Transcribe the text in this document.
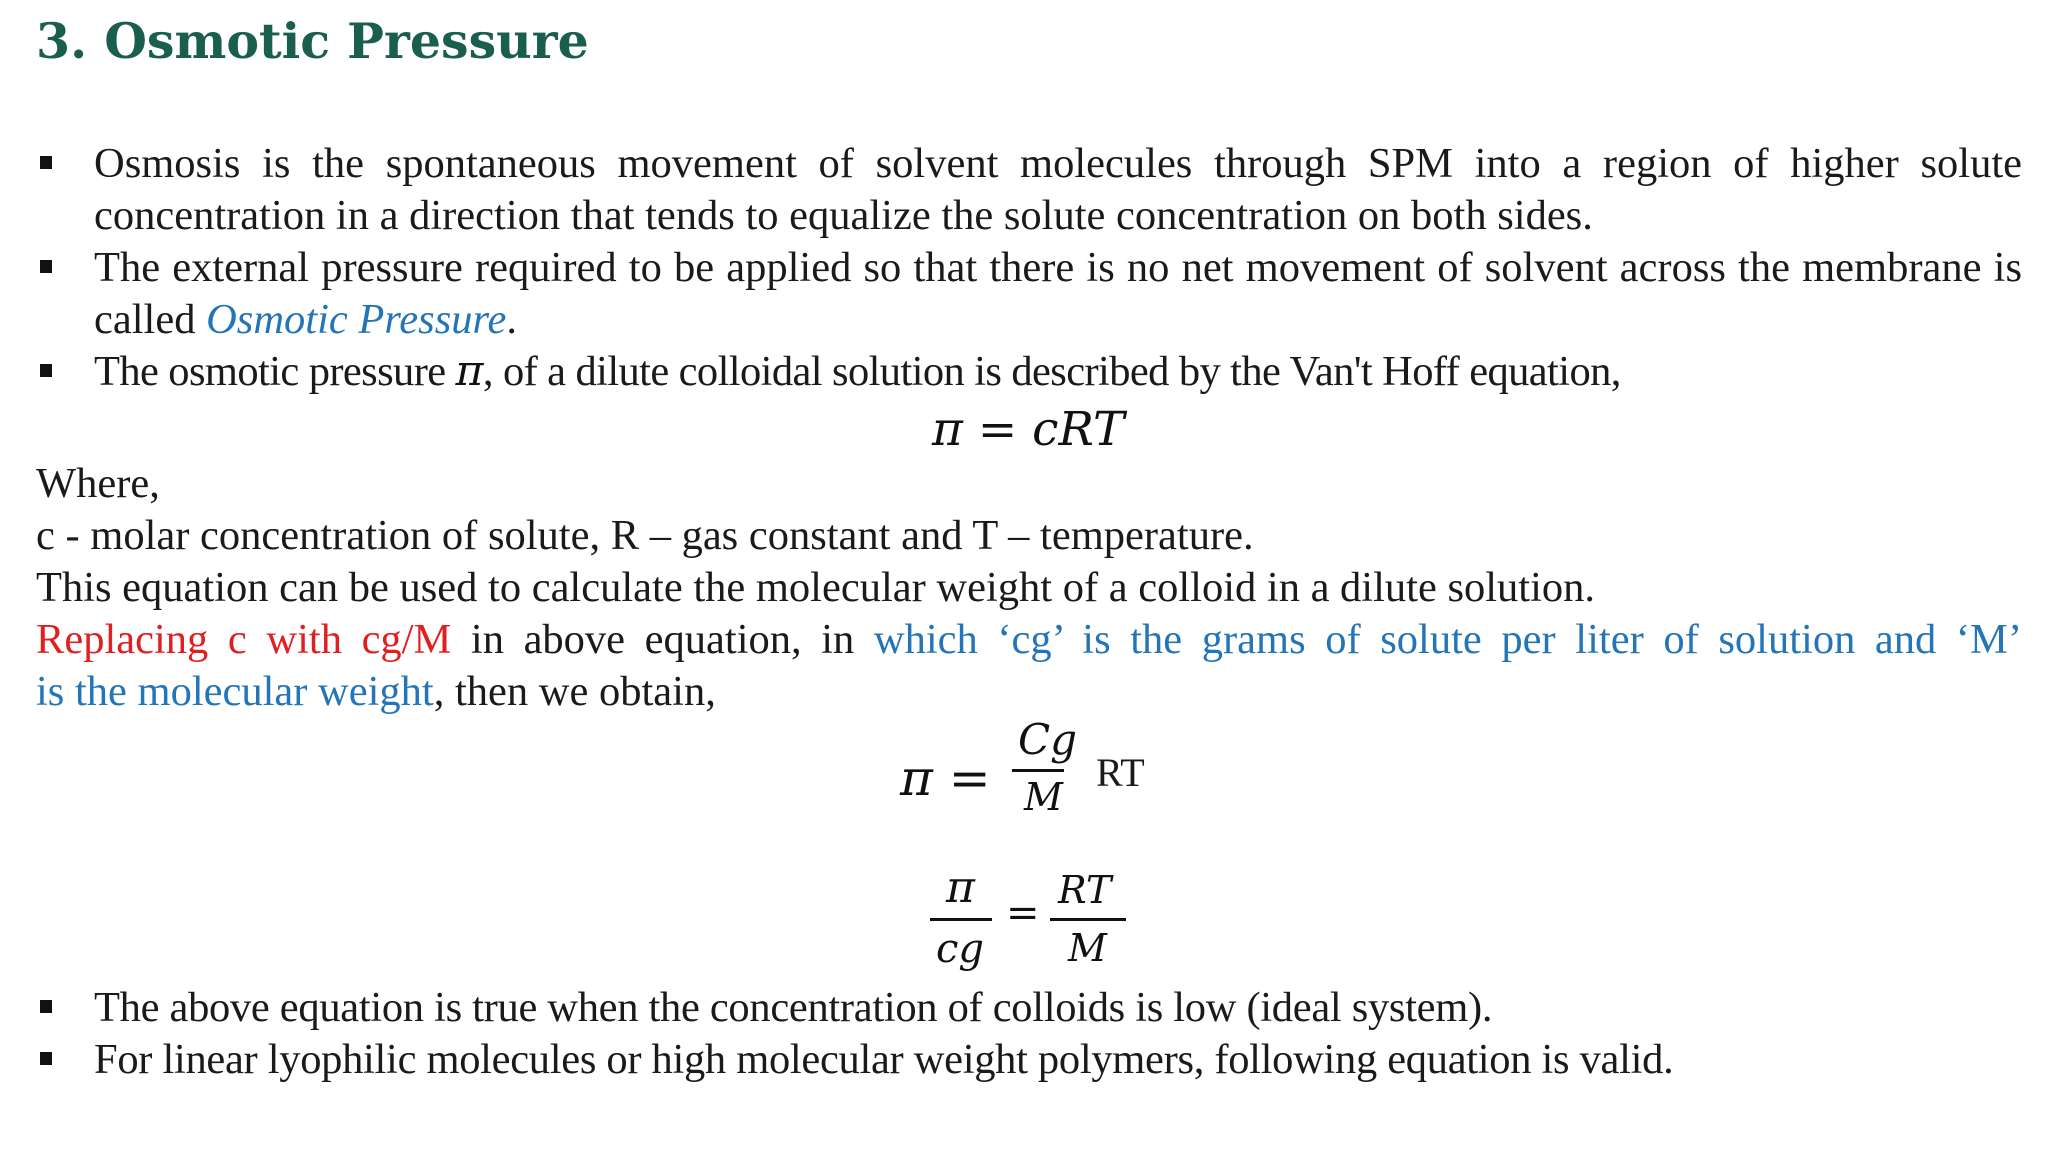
3. Osmotic Pressure
Osmosis is the spontaneous movement of solvent molecules through SPM into a region of higher solute concentration in a direction that tends to equalize the solute concentration on both sides.
The external pressure required to be applied so that there is no net movement of solvent across the membrane is called Osmotic Pressure.
The osmotic pressure π, of a dilute colloidal solution is described by the Van't Hoff equation,
π = cRT
Where,
c - molar concentration of solute, R – gas constant and T – temperature.
This equation can be used to calculate the molecular weight of a colloid in a dilute solution.
Replacing c with cg/M in above equation, in which ‘cg’ is the grams of solute per liter of solution and ‘M’
is the molecular weight, then we obtain,
π =
Cg
M
RT
π
cg
= RT
M
The above equation is true when the concentration of colloids is low (ideal system).
For linear lyophilic molecules or high molecular weight polymers, following equation is valid.
